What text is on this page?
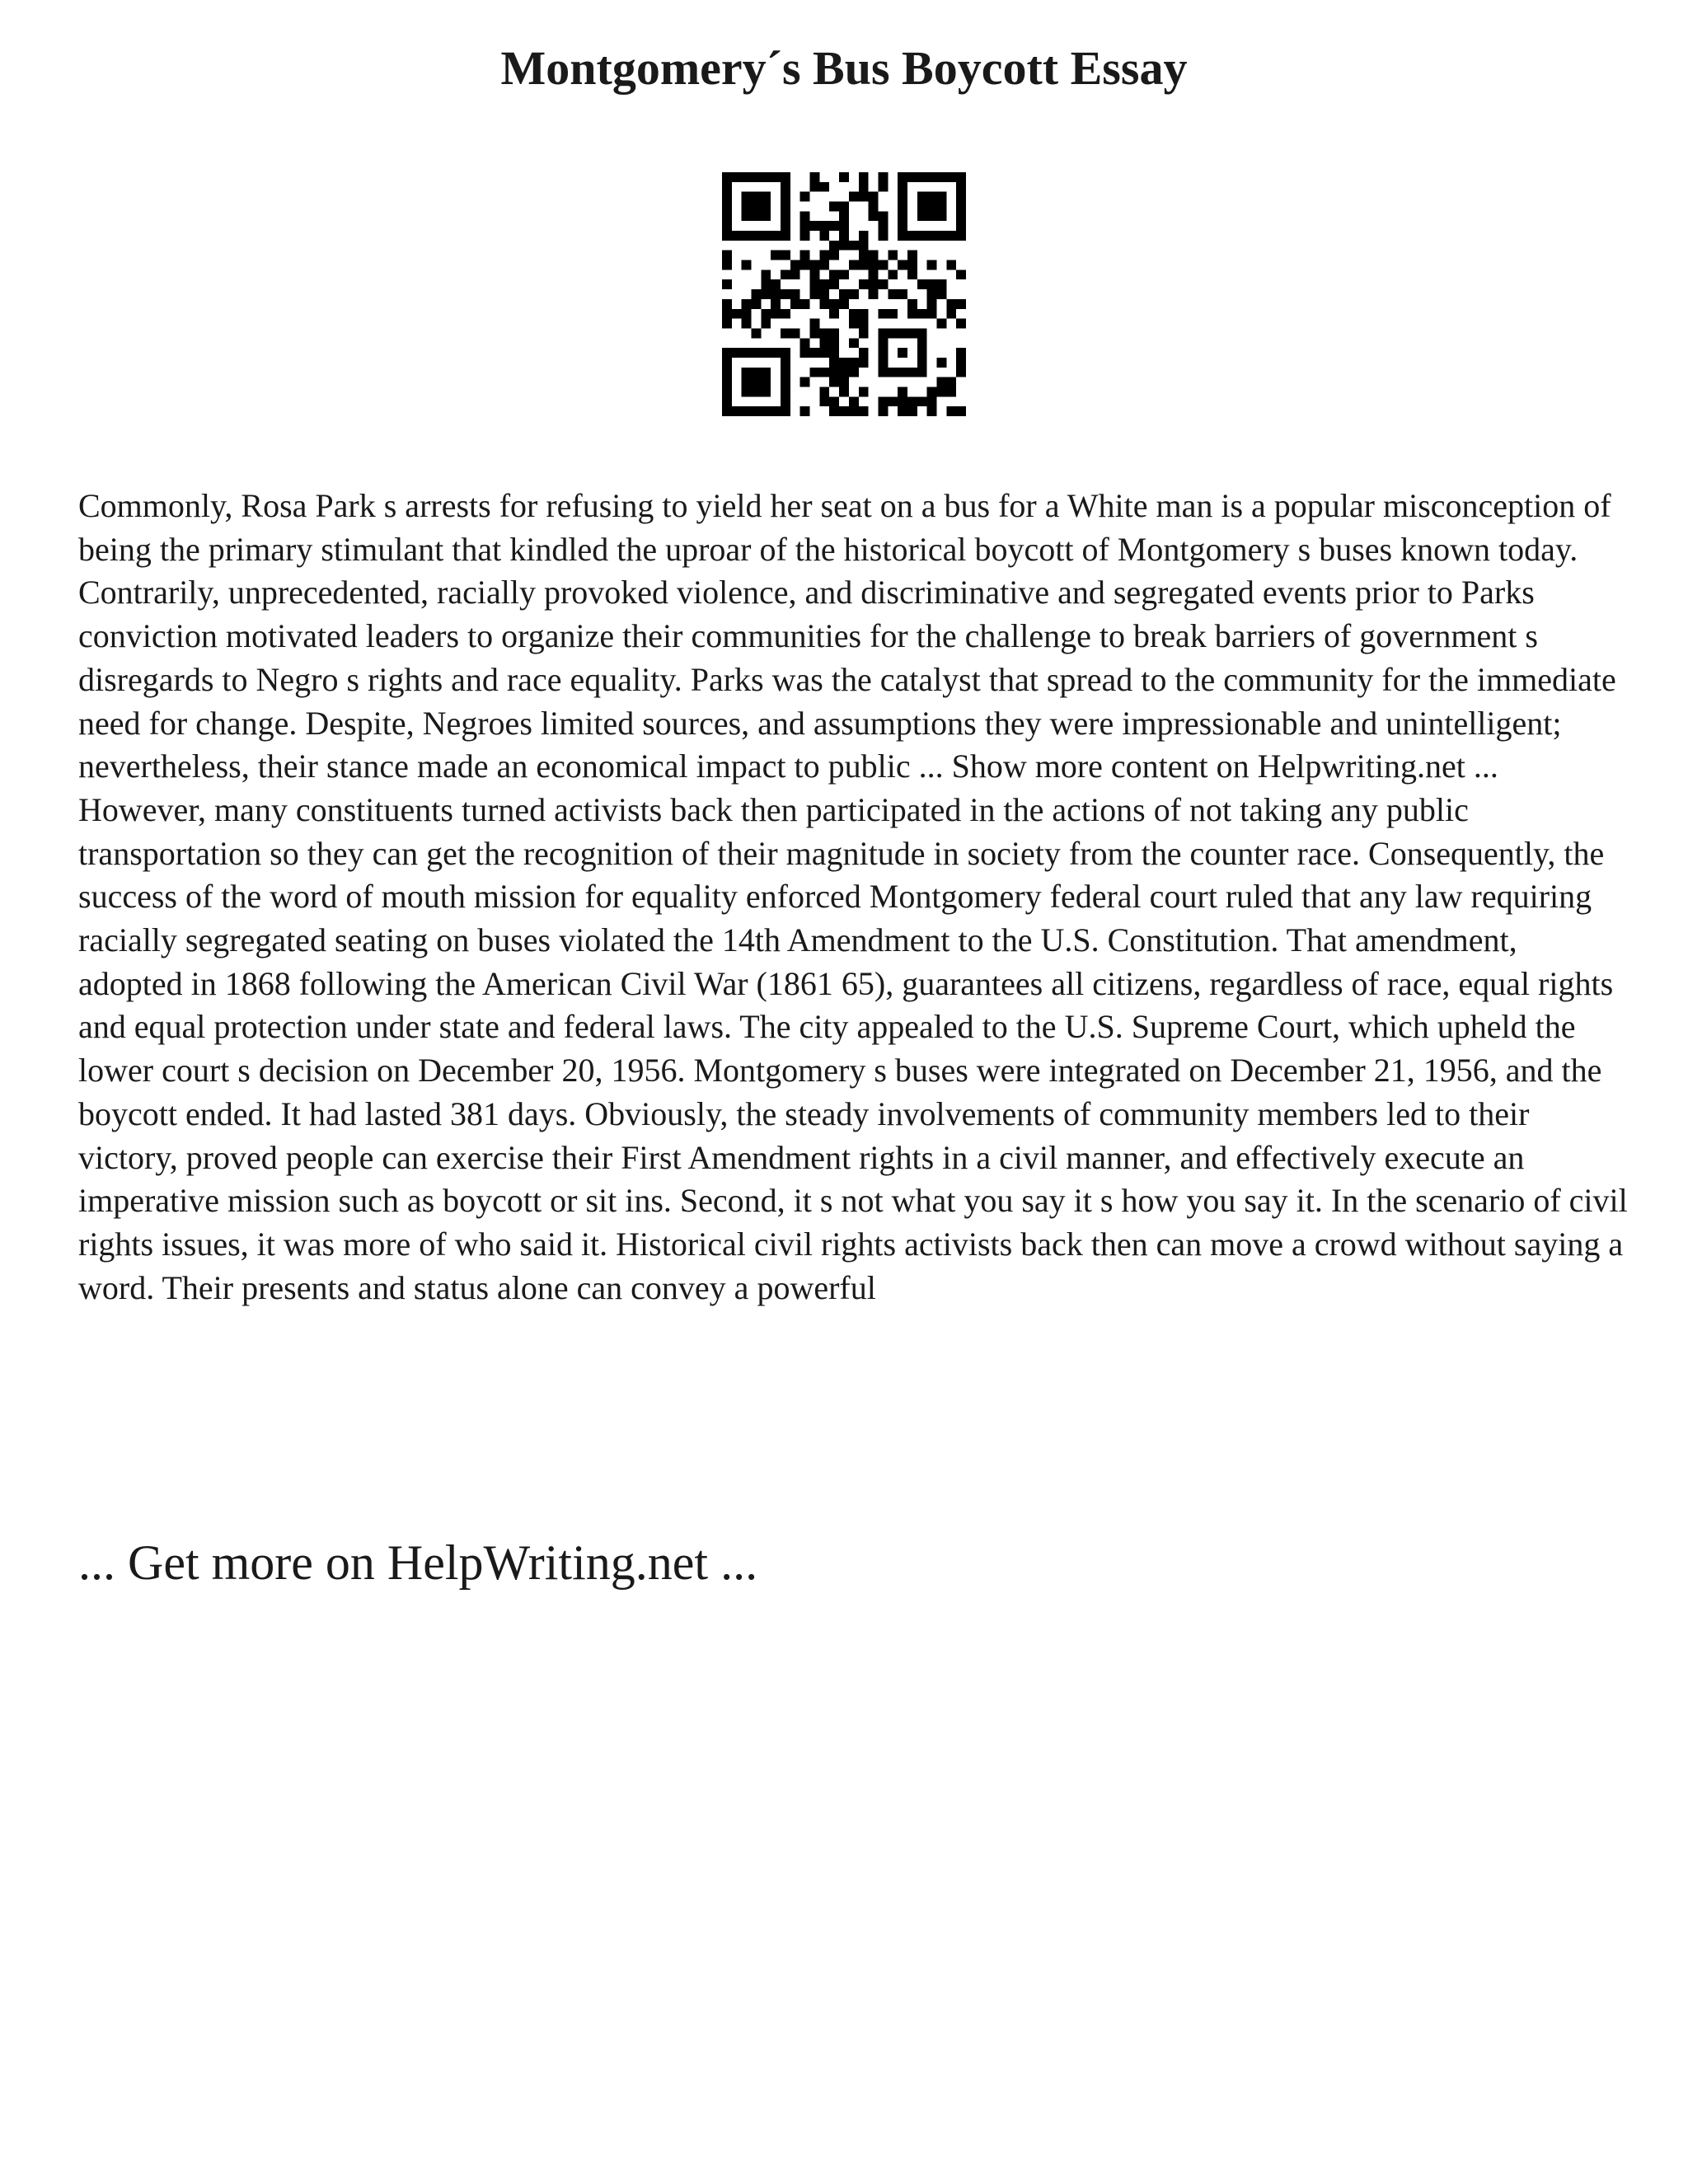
Montgomery´s Bus Boycott Essay

Commonly, Rosa Park s arrests for refusing to yield her seat on a bus for a White man is a popular misconception of being the primary stimulant that kindled the uproar of the historical boycott of Montgomery s buses known today. Contrarily, unprecedented, racially provoked violence, and discriminative and segregated events prior to Parks conviction motivated leaders to organize their communities for the challenge to break barriers of government s disregards to Negro s rights and race equality. Parks was the catalyst that spread to the community for the immediate need for change. Despite, Negroes limited sources, and assumptions they were impressionable and unintelligent; nevertheless, their stance made an economical impact to public ... Show more content on Helpwriting.net ...

However, many constituents turned activists back then participated in the actions of not taking any public transportation so they can get the recognition of their magnitude in society from the counter race. Consequently, the success of the word of mouth mission for equality enforced Montgomery federal court ruled that any law requiring racially segregated seating on buses violated the 14th Amendment to the U.S. Constitution. That amendment, adopted in 1868 following the American Civil War (1861 65), guarantees all citizens, regardless of race, equal rights and equal protection under state and federal laws. The city appealed to the U.S. Supreme Court, which upheld the lower court s decision on December 20, 1956. Montgomery s buses were integrated on December 21, 1956, and the boycott ended. It had lasted 381 days. Obviously, the steady involvements of community members led to their victory, proved people can exercise their First Amendment rights in a civil manner, and effectively execute an imperative mission such as boycott or sit ins. Second, it s not what you say it s how you say it. In the scenario of civil rights issues, it was more of who said it. Historical civil rights activists back then can move a crowd without saying a word. Their presents and status alone can convey a powerful

... Get more on HelpWriting.net ...
